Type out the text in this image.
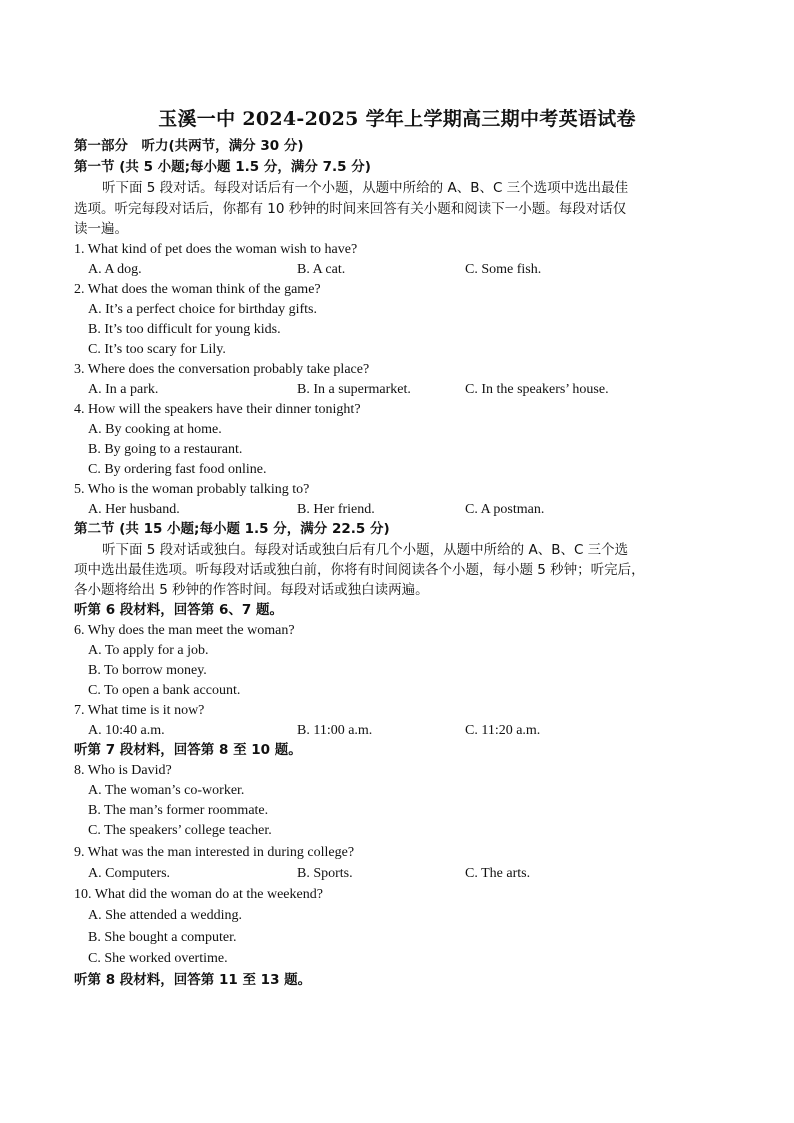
玉溪一中 2024-2025 学年上学期高三期中考英语试卷
第一部分　听力(共两节，满分 30 分)
第一节 (共 5 小题;每小题 1.5 分，满分 7.5 分)
听下面 5 段对话。每段对话后有一个小题，从题中所给的 A、B、C 三个选项中选出最佳
选项。听完每段对话后，你都有 10 秒钟的时间来回答有关小题和阅读下一小题。每段对话仅
读一遍。
1. What kind of pet does the woman wish to have?
A. A dog.	B. A cat.	C. Some fish.
2. What does the woman think of the game?
A. It’s a perfect choice for birthday gifts.
B. It’s too difficult for young kids.
C. It’s too scary for Lily.
3. Where does the conversation probably take place?
A. In a park.	B. In a supermarket.	C. In the speakers’ house.
4. How will the speakers have their dinner tonight?
A. By cooking at home.
B. By going to a restaurant.
C. By ordering fast food online.
5. Who is the woman probably talking to?
A. Her husband.	B. Her friend.	C. A postman.
第二节 (共 15 小题;每小题 1.5 分，满分 22.5 分)
听下面 5 段对话或独白。每段对话或独白后有几个小题，从题中所给的 A、B、C 三个选
项中选出最佳选项。听每段对话或独白前，你将有时间阅读各个小题，每小题 5 秒钟；听完后，
各小题将给出 5 秒钟的作答时间。每段对话或独白读两遍。
听第 6 段材料，回答第 6、7 题。
6. Why does the man meet the woman?
A. To apply for a job.
B. To borrow money.
C. To open a bank account.
7. What time is it now?
A. 10:40 a.m.	B. 11:00 a.m.	C. 11:20 a.m.
听第 7 段材料，回答第 8 至 10 题。
8. Who is David?
A. The woman’s co-worker.
B. The man’s former roommate.
C. The speakers’ college teacher.
9. What was the man interested in during college?
A. Computers.	B. Sports.	C. The arts.
10. What did the woman do at the weekend?
A. She attended a wedding.
B. She bought a computer.
C. She worked overtime.
听第 8 段材料，回答第 11 至 13 题。
